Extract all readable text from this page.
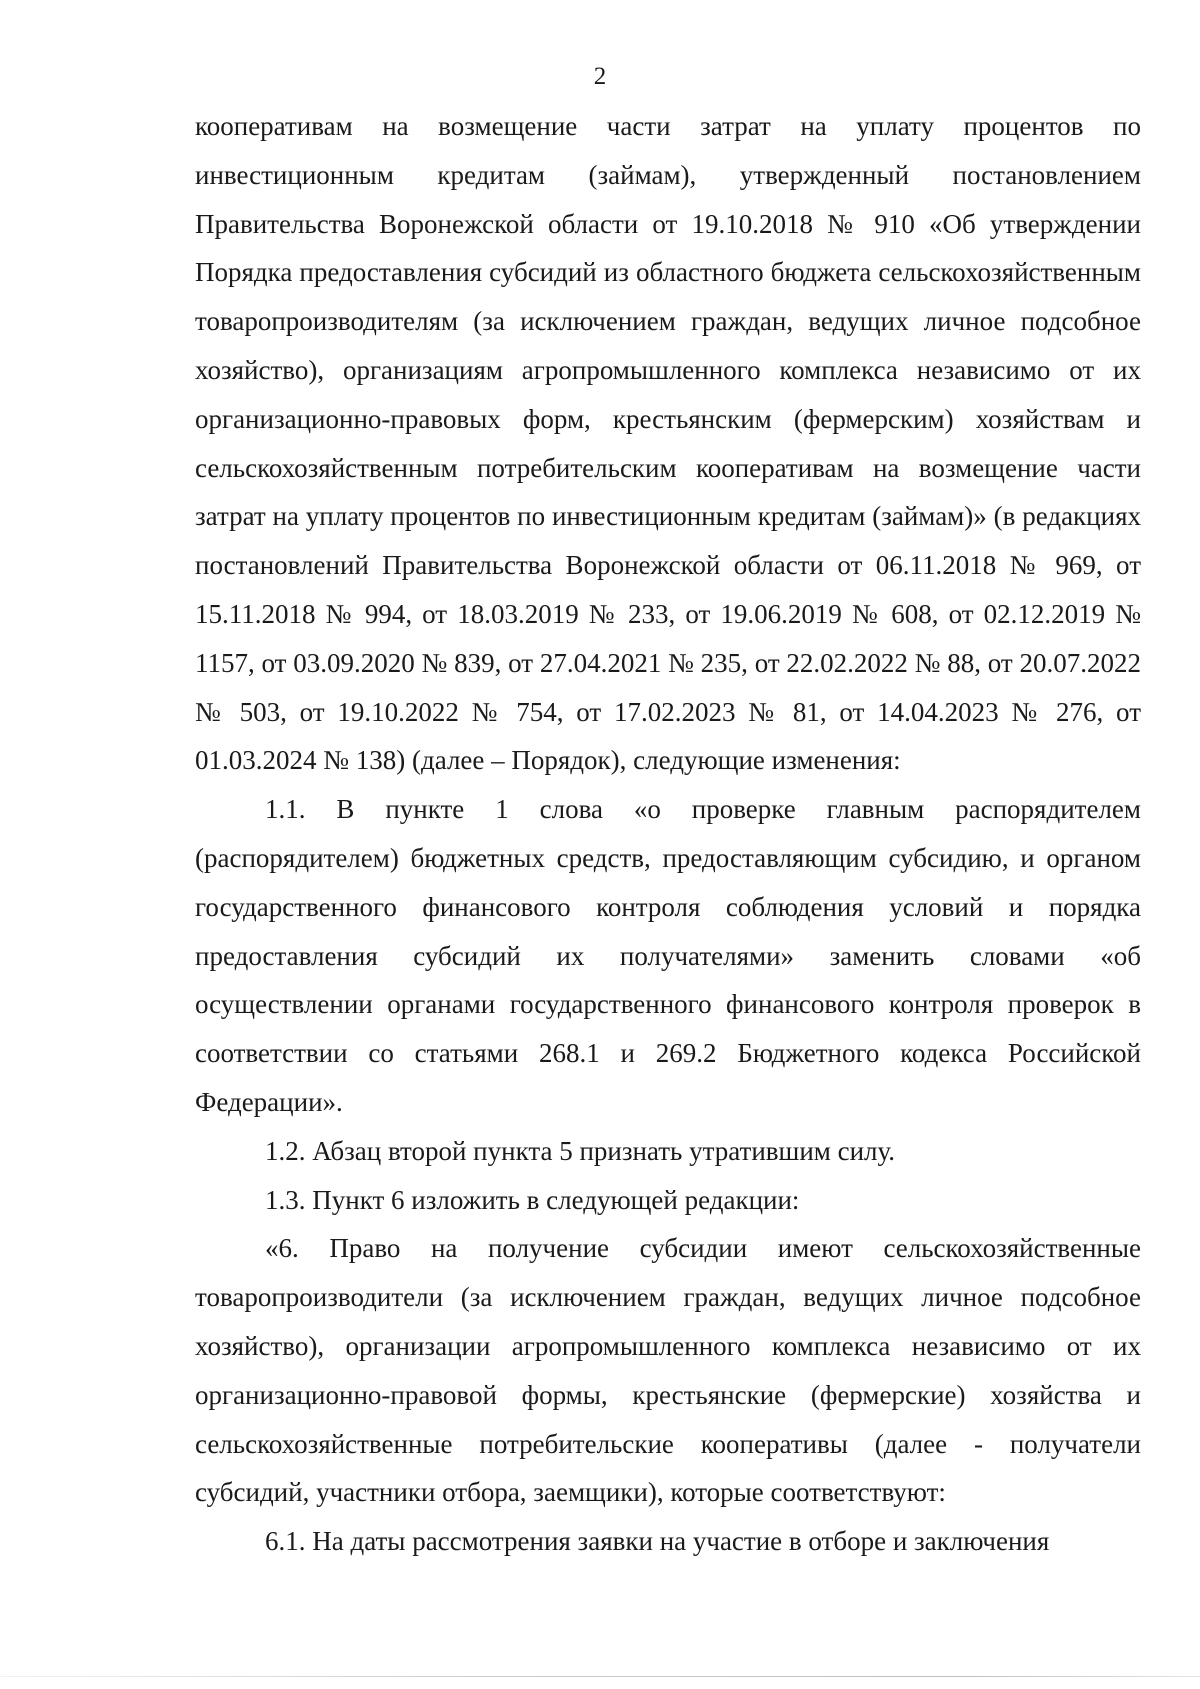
2

кооперативам на возмещение части затрат на уплату процентов по инвестиционным кредитам (займам), утвержденный постановлением Правительства Воронежской области от 19.10.2018 № 910 «Об утверждении Порядка предоставления субсидий из областного бюджета сельскохозяйственным товаропроизводителям (за исключением граждан, ведущих личное подсобное хозяйство), организациям агропромышленного комплекса независимо от их организационно-правовых форм, крестьянским (фермерским) хозяйствам и сельскохозяйственным потребительским кооперативам на возмещение части затрат на уплату процентов по инвестиционным кредитам (займам)» (в редакциях постановлений Правительства Воронежской области от 06.11.2018 № 969, от 15.11.2018 № 994, от 18.03.2019 № 233, от 19.06.2019 № 608, от 02.12.2019 № 1157, от 03.09.2020 № 839, от 27.04.2021 № 235, от 22.02.2022 № 88, от 20.07.2022 № 503, от 19.10.2022 № 754, от 17.02.2023 № 81, от 14.04.2023 № 276, от 01.03.2024 № 138) (далее – Порядок), следующие изменения:

1.1. В пункте 1 слова «о проверке главным распорядителем (распорядителем) бюджетных средств, предоставляющим субсидию, и органом государственного финансового контроля соблюдения условий и порядка предоставления субсидий их получателями» заменить словами «об осуществлении органами государственного финансового контроля проверок в соответствии со статьями 268.1 и 269.2 Бюджетного кодекса Российской Федерации».

1.2. Абзац второй пункта 5 признать утратившим силу.

1.3. Пункт 6 изложить в следующей редакции:

«6. Право на получение субсидии имеют сельскохозяйственные товаропроизводители (за исключением граждан, ведущих личное подсобное хозяйство), организации агропромышленного комплекса независимо от их организационно-правовой формы, крестьянские (фермерские) хозяйства и сельскохозяйственные потребительские кооперативы (далее - получатели субсидий, участники отбора, заемщики), которые соответствуют:

6.1. На даты рассмотрения заявки на участие в отборе и заключения
